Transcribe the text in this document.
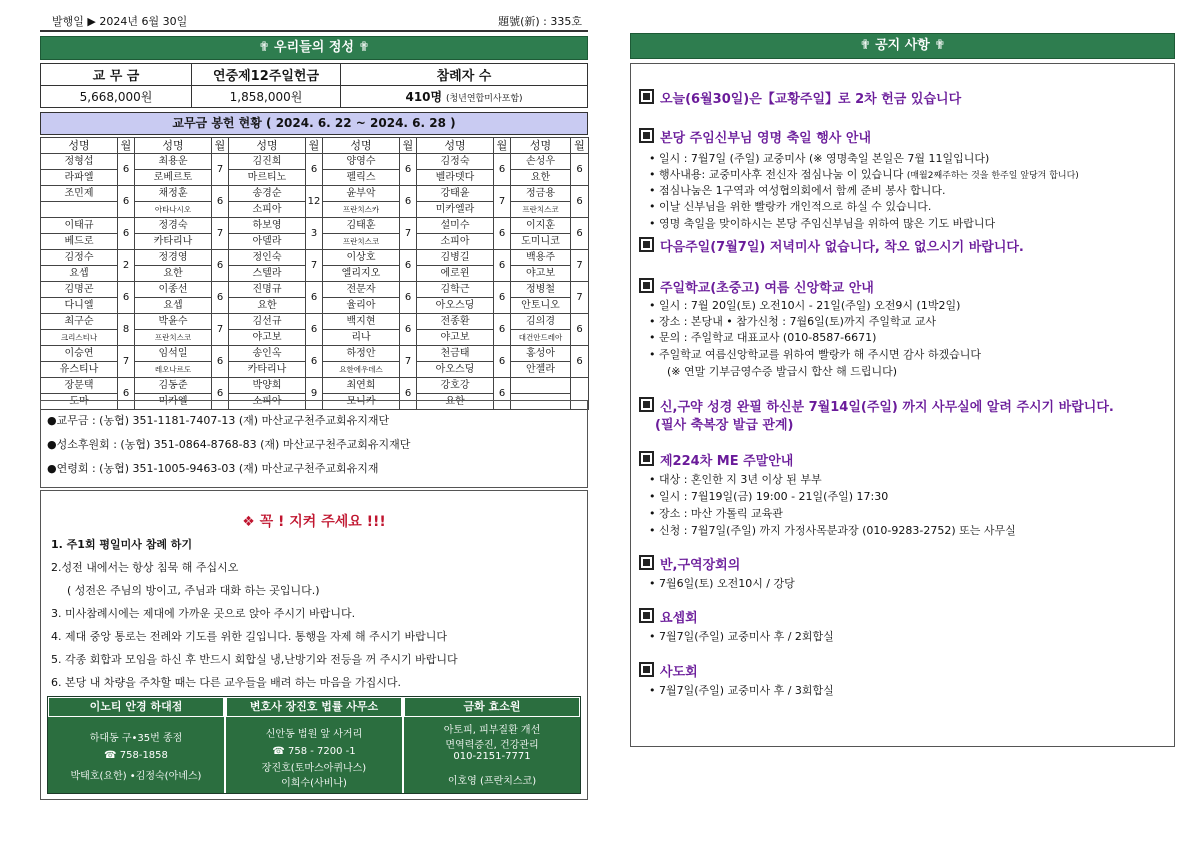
발행일 ▶ 2024년 6월 30일	題號(新) : 335호
✟ 우리들의 정성 ✟
교 무 금	연중제12주일헌금	참례자 수
5,668,000원	1,858,000원	410명 (청년연합미사포함)
교무금 봉헌 현황 ( 2024. 6. 22 ~ 2024. 6. 28 )
성명	월	성명	월	성명	월	성명	월	성명	월	성명	월
정형섭	6	최용운	7	김진희	6	양영수	6	김정숙	6	손성우	6
라파엘		로베르토		마르티노		펠릭스		벨라뎃다		요한	
조민제	6	채정훈	6	송경순	12	윤부악	6	강태윤	7	정금용	6
		아타나시오		소피아		프란치스카		미카엘라		프란치스코	
이태규	6	정경숙	7	하보영	3	김태훈	7	설미수	6	이지훈	6
베드로		카타리나		아델라		프란치스코		소피아		도미니코	
김정수	2	정경영	6	정인숙	7	이상호	6	김병길	6	백용주	7
요셉		요한		스텔라		엘리지오		에로윈		야고보	
김명곤	6	이종선	6	진명규	6	전문자	6	김학근	6	정병철	7
다니엘		요셉		요한		율리아		아오스딩		안토니오	
최구순	8	박윤수	7	김선규	6	백지현	6	전종환	6	김의경	6
크리스티나		프란치스코		야고보		리나		야고보		대건안드레아	
이승연	7	임석일	6	송인옥	6	하정안	7	천금태	6	홍성아	6
유스티나		레오나르도		카타리나		요한에우데스		아오스딩		안젤라	
장문택	6	김동준	6	박양희	9	최연희	6	강호강	6		
도마		미카엘		소피아		모니카		요한			
●교무금 : (농협) 351-1181-7407-13 (재) 마산교구천주교회유지재단
●성소후원회 : (농협) 351-0864-8768-83 (재) 마산교구천주교회유지재단
●연령회 : (농협) 351-1005-9463-03 (재) 마산교구천주교회유지재
❖ 꼭 ! 지켜 주세요 !!!
1. 주1회 평일미사 참례 하기
2.성전 내에서는 항상 침묵 해 주십시오
( 성전은 주님의 방이고, 주님과 대화 하는 곳입니다.)
3. 미사참례시에는 제대에 가까운 곳으로 앉아 주시기 바랍니다.
4. 제대 중앙 통로는 전례와 기도를 위한 길입니다. 통행을 자제 해 주시기 바랍니다
5. 각종 회합과 모임을 하신 후 반드시 회합실 냉,난방기와 전등을 꺼 주시기 바랍니다
6. 본당 내 차량을 주차할 때는 다른 교우들을 배려 하는 마음을 가집시다.
이노티 안경 하대점
하대동 구•35번 종점
☎ 758-1858
박태호(요한) •김정숙(아녜스)
변호사 장진호 법률 사무소
신안동 법원 앞 사거리
☎ 758 - 7200 -1
장진호(토마스아퀴나스)
이희수(사비나)
금화 효소원
아토피, 피부질환 개선
면역력증진, 건강관리
010-2151-7771
이호영 (프란치스코)
✟ 공지 사항 ✟
오늘(6월30일)은【교황주일】로 2차 헌금 있습니다
본당 주임신부님 영명 축일 행사 안내
• 일시 : 7월7일 (주일) 교중미사 (※ 영명축일 본일은 7월 11일입니다)
• 행사내용: 교중미사후 전신자 점심나눔 이 있습니다 (매월2째주하는 것을 한주일 앞당겨 합니다)
• 점심나눔은 1구역과 여성협의회에서 함께 준비 봉사 합니다.
• 이날 신부님을 위한 빨랑카 개인적으로 하실 수 있습니다.
• 영명 축일을 맞이하시는 본당 주임신부님을 위하여 많은 기도 바랍니다
다음주일(7월7일) 저녁미사 없습니다, 착오 없으시기 바랍니다.
주일학교(초중고) 여름 신앙학교 안내
• 일시 : 7월 20일(토) 오전10시 - 21일(주일) 오전9시 (1박2일)
• 장소 : 본당내 • 참가신청 : 7월6일(토)까지 주일학교 교사
• 문의 : 주일학교 대표교사 (010-8587-6671)
• 주일학교 여름신앙학교를 위하여 빨랑카 해 주시면 감사 하겠습니다
(※ 연말 기부금영수증 발급시 합산 해 드립니다)
신,구약 성경 완필 하신분 7월14일(주일) 까지 사무실에 알려 주시기 바랍니다.
(필사 축복장 발급 관계)
제224차 ME 주말안내
• 대상 : 혼인한 지 3년 이상 된 부부
• 일시 : 7월19일(금) 19:00 - 21일(주일) 17:30
• 장소 : 마산 가톨릭 교육관
• 신청 : 7월7일(주일) 까지 가정사목분과장 (010-9283-2752) 또는 사무실
반,구역장회의
• 7월6일(토) 오전10시 / 강당
요셉회
• 7월7일(주일) 교중미사 후 / 2회합실
사도회
• 7월7일(주일) 교중미사 후 / 3회합실
